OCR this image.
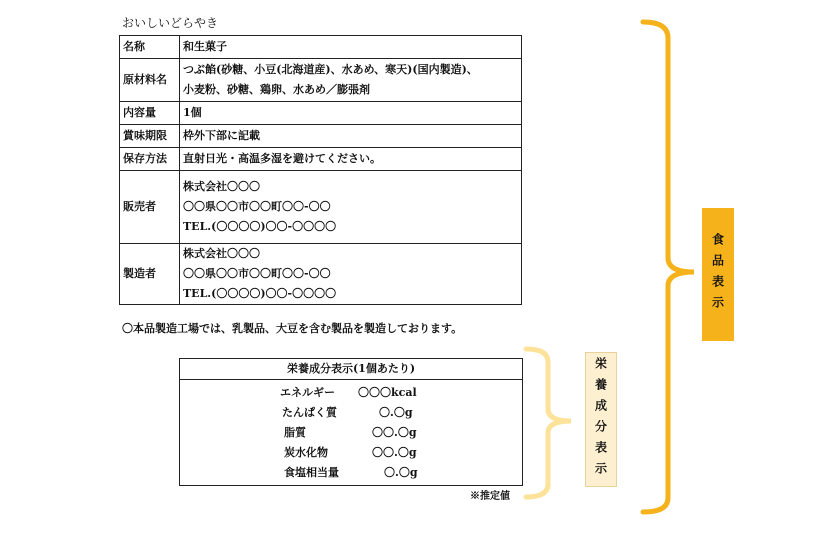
おいしいどらやき
名称	和生菓子
原材料名	つぶ餡(砂糖、小豆(北海道産)、水あめ、寒天)(国内製造)、
小麦粉、砂糖、鶏卵、水あめ／膨張剤

内容量	1個
賞味期限	枠外下部に記載
保存方法	直射日光・高温多湿を避けてください。
販売者	株式会社〇〇〇
〇〇県〇〇市〇〇町〇〇-〇〇
TEL.(〇〇〇〇)〇〇-〇〇〇〇

製造者	株式会社〇〇〇
〇〇県〇〇市〇〇町〇〇-〇〇
TEL.(〇〇〇〇)〇〇-〇〇〇〇
〇本品製造工場では、乳製品、大豆を含む製品を製造しております。
栄養成分表示(1個あたり)
エネルギー 〇〇〇kcal
たんぱく質	〇.〇g
脂質	〇〇.〇g
炭水化物	〇〇.〇g
食塩相当量	〇.〇g
※推定値
食品表示
栄養成分表示
